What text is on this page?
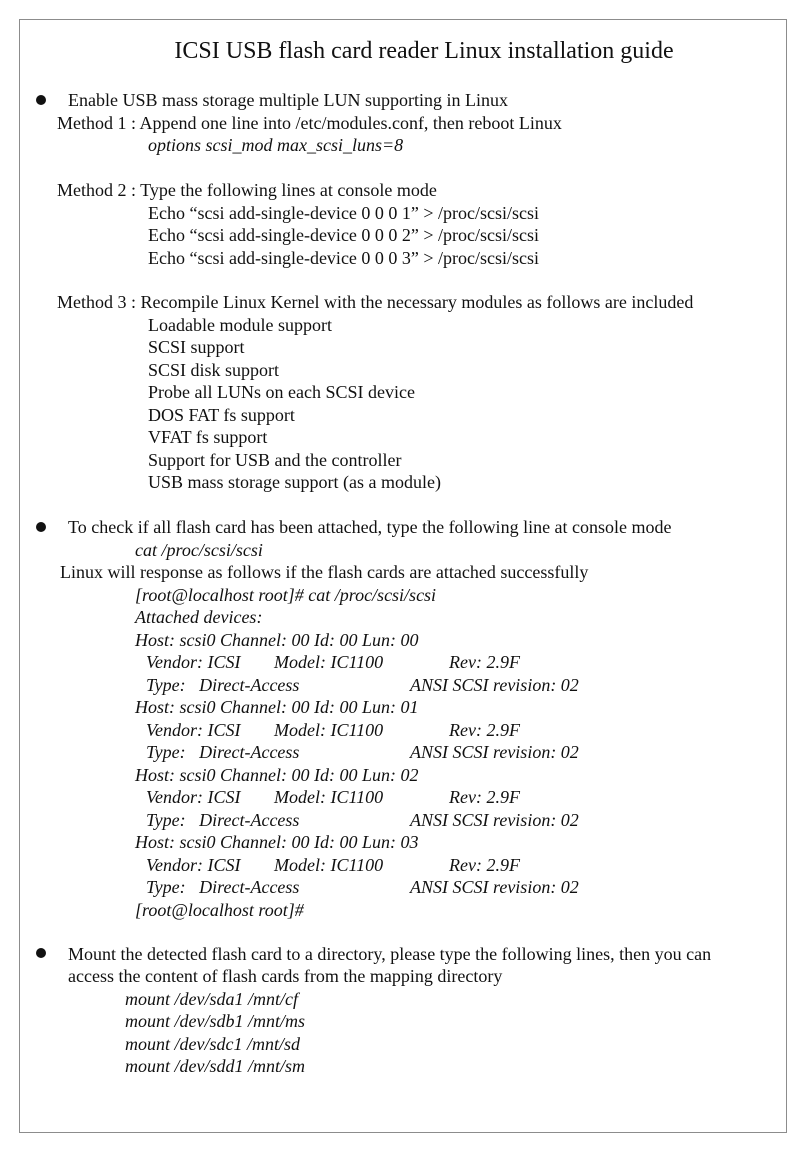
ICSI USB flash card reader Linux installation guide
Enable USB mass storage multiple LUN supporting in Linux
Method 1 : Append one line into /etc/modules.conf, then reboot Linux
options scsi_mod max_scsi_luns=8
Method 2 : Type the following lines at console mode
Echo “scsi add-single-device 0 0 0 1” > /proc/scsi/scsi
Echo “scsi add-single-device 0 0 0 2” > /proc/scsi/scsi
Echo “scsi add-single-device 0 0 0 3” > /proc/scsi/scsi
Method 3 : Recompile Linux Kernel with the necessary modules as follows are included
Loadable module support
SCSI support
SCSI disk support
Probe all LUNs on each SCSI device
DOS FAT fs support
VFAT fs support
Support for USB and the controller
USB mass storage support (as a module)
To check if all flash card has been attached, type the following line at console mode
cat /proc/scsi/scsi
Linux will response as follows if the flash cards are attached successfully
[root@localhost root]# cat /proc/scsi/scsi
Attached devices:
Host: scsi0 Channel: 00 Id: 00 Lun: 00
Vendor: ICSI Model: IC1100	Rev: 2.9F
Type:   Direct-Access	ANSI SCSI revision: 02
Host: scsi0 Channel: 00 Id: 00 Lun: 01
Vendor: ICSI Model: IC1100	Rev: 2.9F
Type:   Direct-Access	ANSI SCSI revision: 02
Host: scsi0 Channel: 00 Id: 00 Lun: 02
Vendor: ICSI Model: IC1100	Rev: 2.9F
Type:   Direct-Access	ANSI SCSI revision: 02
Host: scsi0 Channel: 00 Id: 00 Lun: 03
Vendor: ICSI Model: IC1100	Rev: 2.9F
Type:   Direct-Access	ANSI SCSI revision: 02
[root@localhost root]#
Mount the detected flash card to a directory, please type the following lines, then you can
access the content of flash cards from the mapping directory
mount /dev/sda1 /mnt/cf
mount /dev/sdb1 /mnt/ms
mount /dev/sdc1 /mnt/sd
mount /dev/sdd1 /mnt/sm
